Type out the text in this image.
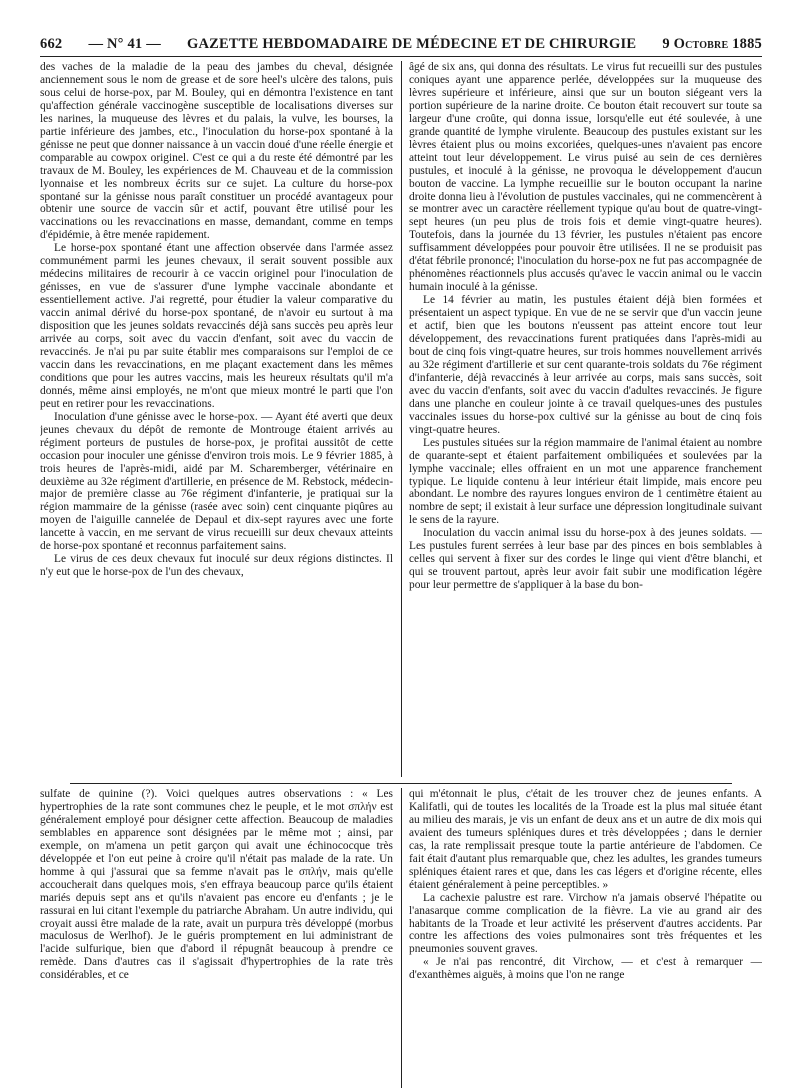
662 — N° 41 — GAZETTE HEBDOMADAIRE DE MÉDECINE ET DE CHIRURGIE 9 Octobre 1885

des vaches de la maladie de la peau des jambes du cheval, désignée anciennement sous le nom de grease et de sore heel's ulcère des talons, puis sous celui de horse-pox, par M. Bouley, qui en démontra l'existence en tant qu'affection générale vaccinogène susceptible de localisations diverses sur les narines, la muqueuse des lèvres et du palais, la vulve, les bourses, la partie inférieure des jambes, etc., l'inoculation du horse-pox spontané à la génisse ne peut que donner naissance à un vaccin doué d'une réelle énergie et comparable au cowpox originel. C'est ce qui a du reste été démontré par les travaux de M. Bouley, les expériences de M. Chauveau et de la commission lyonnaise et les nombreux écrits sur ce sujet. La culture du horse-pox spontané sur la génisse nous paraît constituer un procédé avantageux pour obtenir une source de vaccin sûr et actif, pouvant être utilisé pour les vaccinations ou les revaccinations en masse, demandant, comme en temps d'épidémie, à être menée rapidement.

Le horse-pox spontané étant une affection observée dans l'armée assez communément parmi les jeunes chevaux, il serait souvent possible aux médecins militaires de recourir à ce vaccin originel pour l'inoculation de génisses, en vue de s'assurer d'une lymphe vaccinale abondante et essentiellement active. J'ai regretté, pour étudier la valeur comparative du vaccin animal dérivé du horse-pox spontané, de n'avoir eu surtout à ma disposition que les jeunes soldats revaccinés déjà sans succès peu après leur arrivée au corps, soit avec du vaccin d'enfant, soit avec du vaccin de revaccinés. Je n'ai pu par suite établir mes comparaisons sur l'emploi de ce vaccin dans les revaccinations, en me plaçant exactement dans les mêmes conditions que pour les autres vaccins, mais les heureux résultats qu'il m'a donnés, même ainsi employés, ne m'ont que mieux montré le parti que l'on peut en retirer pour les revaccinations.

Inoculation d'une génisse avec le horse-pox. — Ayant été averti que deux jeunes chevaux du dépôt de remonte de Montrouge étaient arrivés au régiment porteurs de pustules de horse-pox, je profitai aussitôt de cette occasion pour inoculer une génisse d'environ trois mois. Le 9 février 1885, à trois heures de l'après-midi, aidé par M. Scharemberger, vétérinaire en deuxième au 32e régiment d'artillerie, en présence de M. Rebstock, médecin-major de première classe au 76e régiment d'infanterie, je pratiquai sur la région mammaire de la génisse (rasée avec soin) cent cinquante piqûres au moyen de l'aiguille cannelée de Depaul et dix-sept rayures avec une forte lancette à vaccin, en me servant de virus recueilli sur deux chevaux atteints de horse-pox spontané et reconnus parfaitement sains.

Le virus de ces deux chevaux fut inoculé sur deux régions distinctes. Il n'y eut que le horse-pox de l'un des chevaux,

âgé de six ans, qui donna des résultats. Le virus fut recueilli sur des pustules coniques ayant une apparence perlée, développées sur la muqueuse des lèvres supérieure et inférieure, ainsi que sur un bouton siégeant vers la portion supérieure de la narine droite. Ce bouton était recouvert sur toute sa largeur d'une croûte, qui donna issue, lorsqu'elle eut été soulevée, à une grande quantité de lymphe virulente. Beaucoup des pustules existant sur les lèvres étaient plus ou moins excoriées, quelques-unes n'avaient pas encore atteint tout leur développement. Le virus puisé au sein de ces dernières pustules, et inoculé à la génisse, ne provoqua le développement d'aucun bouton de vaccine. La lymphe recueillie sur le bouton occupant la narine droite donna lieu à l'évolution de pustules vaccinales, qui ne commencèrent à se montrer avec un caractère réellement typique qu'au bout de quatre-vingt-sept heures (un peu plus de trois fois et demie vingt-quatre heures). Toutefois, dans la journée du 13 février, les pustules n'étaient pas encore suffisamment développées pour pouvoir être utilisées. Il ne se produisit pas d'état fébrile prononcé; l'inoculation du horse-pox ne fut pas accompagnée de phénomènes réactionnels plus accusés qu'avec le vaccin animal ou le vaccin humain inoculé à la génisse.

Le 14 février au matin, les pustules étaient déjà bien formées et présentaient un aspect typique. En vue de ne se servir que d'un vaccin jeune et actif, bien que les boutons n'eussent pas atteint encore tout leur développement, des revaccinations furent pratiquées dans l'après-midi au bout de cinq fois vingt-quatre heures, sur trois hommes nouvellement arrivés au 32e régiment d'artillerie et sur cent quarante-trois soldats du 76e régiment d'infanterie, déjà revaccinés à leur arrivée au corps, mais sans succès, soit avec du vaccin d'enfants, soit avec du vaccin d'adultes revaccinés. Je figure dans une planche en couleur jointe à ce travail quelques-unes des pustules vaccinales issues du horse-pox cultivé sur la génisse au bout de cinq fois vingt-quatre heures.

Les pustules situées sur la région mammaire de l'animal étaient au nombre de quarante-sept et étaient parfaitement ombiliquées et soulevées par la lymphe vaccinale; elles offraient en un mot une apparence franchement typique. Le liquide contenu à leur intérieur était limpide, mais encore peu abondant. Le nombre des rayures longues environ de 1 centimètre étaient au nombre de sept; il existait à leur surface une dépression longitudinale suivant le sens de la rayure.

Inoculation du vaccin animal issu du horse-pox à des jeunes soldats. — Les pustules furent serrées à leur base par des pinces en bois semblables à celles qui servent à fixer sur des cordes le linge qui vient d'être blanchi, et qui se trouvent partout, après leur avoir fait subir une modification légère pour leur permettre de s'appliquer à la base du bon-

sulfate de quinine (?). Voici quelques autres observations : « Les hypertrophies de la rate sont communes chez le peuple, et le mot σπλήν est généralement employé pour désigner cette affection. Beaucoup de maladies semblables en apparence sont désignées par le même mot ; ainsi, par exemple, on m'amena un petit garçon qui avait une échinococque très développée et l'on eut peine à croire qu'il n'était pas malade de la rate. Un homme à qui j'assurai que sa femme n'avait pas le σπλήν, mais qu'elle accoucherait dans quelques mois, s'en effraya beaucoup parce qu'ils étaient mariés depuis sept ans et qu'ils n'avaient pas encore eu d'enfants ; je le rassurai en lui citant l'exemple du patriarche Abraham. Un autre individu, qui croyait aussi être malade de la rate, avait un purpura très développé (morbus maculosus de Werlhof). Je le guéris promptement en lui administrant de l'acide sulfurique, bien que d'abord il répugnât beaucoup à prendre ce remède. Dans d'autres cas il s'agissait d'hypertrophies de la rate très considérables, et ce

qui m'étonnait le plus, c'était de les trouver chez de jeunes enfants. A Kalifatli, qui de toutes les localités de la Troade est la plus mal située étant au milieu des marais, je vis un enfant de deux ans et un autre de dix mois qui avaient des tumeurs spléniques dures et très développées ; dans le dernier cas, la rate remplissait presque toute la partie antérieure de l'abdomen. Ce fait était d'autant plus remarquable que, chez les adultes, les grandes tumeurs spléniques étaient rares et que, dans les cas légers et d'origine récente, elles étaient généralement à peine perceptibles. »

La cachexie palustre est rare. Virchow n'a jamais observé l'hépatite ou l'anasarque comme complication de la fièvre. La vie au grand air des habitants de la Troade et leur activité les préservent d'autres accidents. Par contre les affections des voies pulmonaires sont très fréquentes et les pneumonies souvent graves.

« Je n'ai pas rencontré, dit Virchow, — et c'est à remarquer — d'exanthèmes aiguës, à moins que l'on ne range
